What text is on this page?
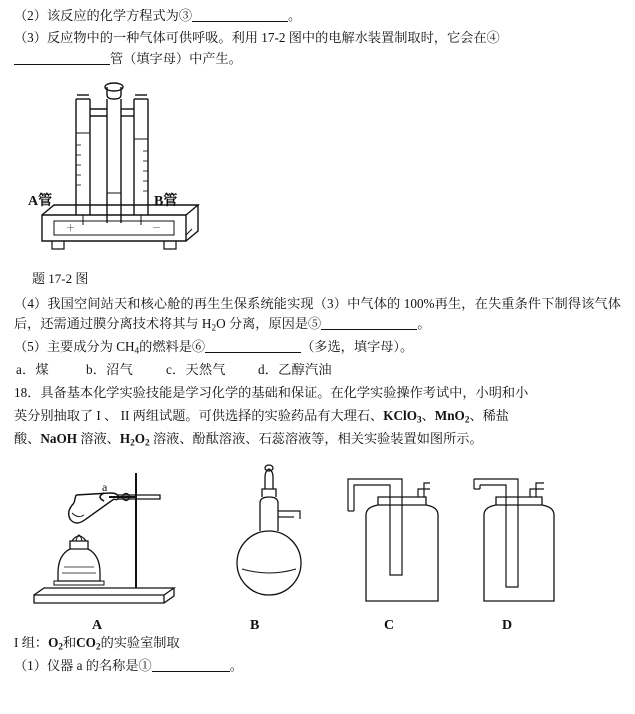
（2）该反应的化学方程式为③	。

（3）反应物中的一种气体可供呼吸。利用 17-2 图中的电解水装置制取时，它会在④
管（填字母）中产生。

＋	－
A管	B管

题 17-2 图

（4）我国空间站天和核心舱的再生生保系统能实现（3）中气体的 100%再生，在失重条件下制得该气体后，还需通过膜分离技术将其与 $H_2O$ 分离，原因是⑤	。

（5）主要成分为 $CH_4$的燃料是⑥	（多选，填字母）。

a．煤	b．沼气	c．天然气 d．乙醇汽油

18．具备基本化学实验技能是学习化学的基础和保证。在化学实验操作考试中，小明和小

英分别抽取了 I 、 II 两组试题。可供选择的实验药品有大理石、KClO$_3$、MnO$_2$、稀盐

酸、NaOH 溶液、$H_2O_2$ 溶液、酚酞溶液、石蕊溶液等，相关实验装置如图所示。

a
A	B	C	D

I 组：$O_2$和$CO_2$的实验室制取

（1）仪器 a 的名称是①	。
